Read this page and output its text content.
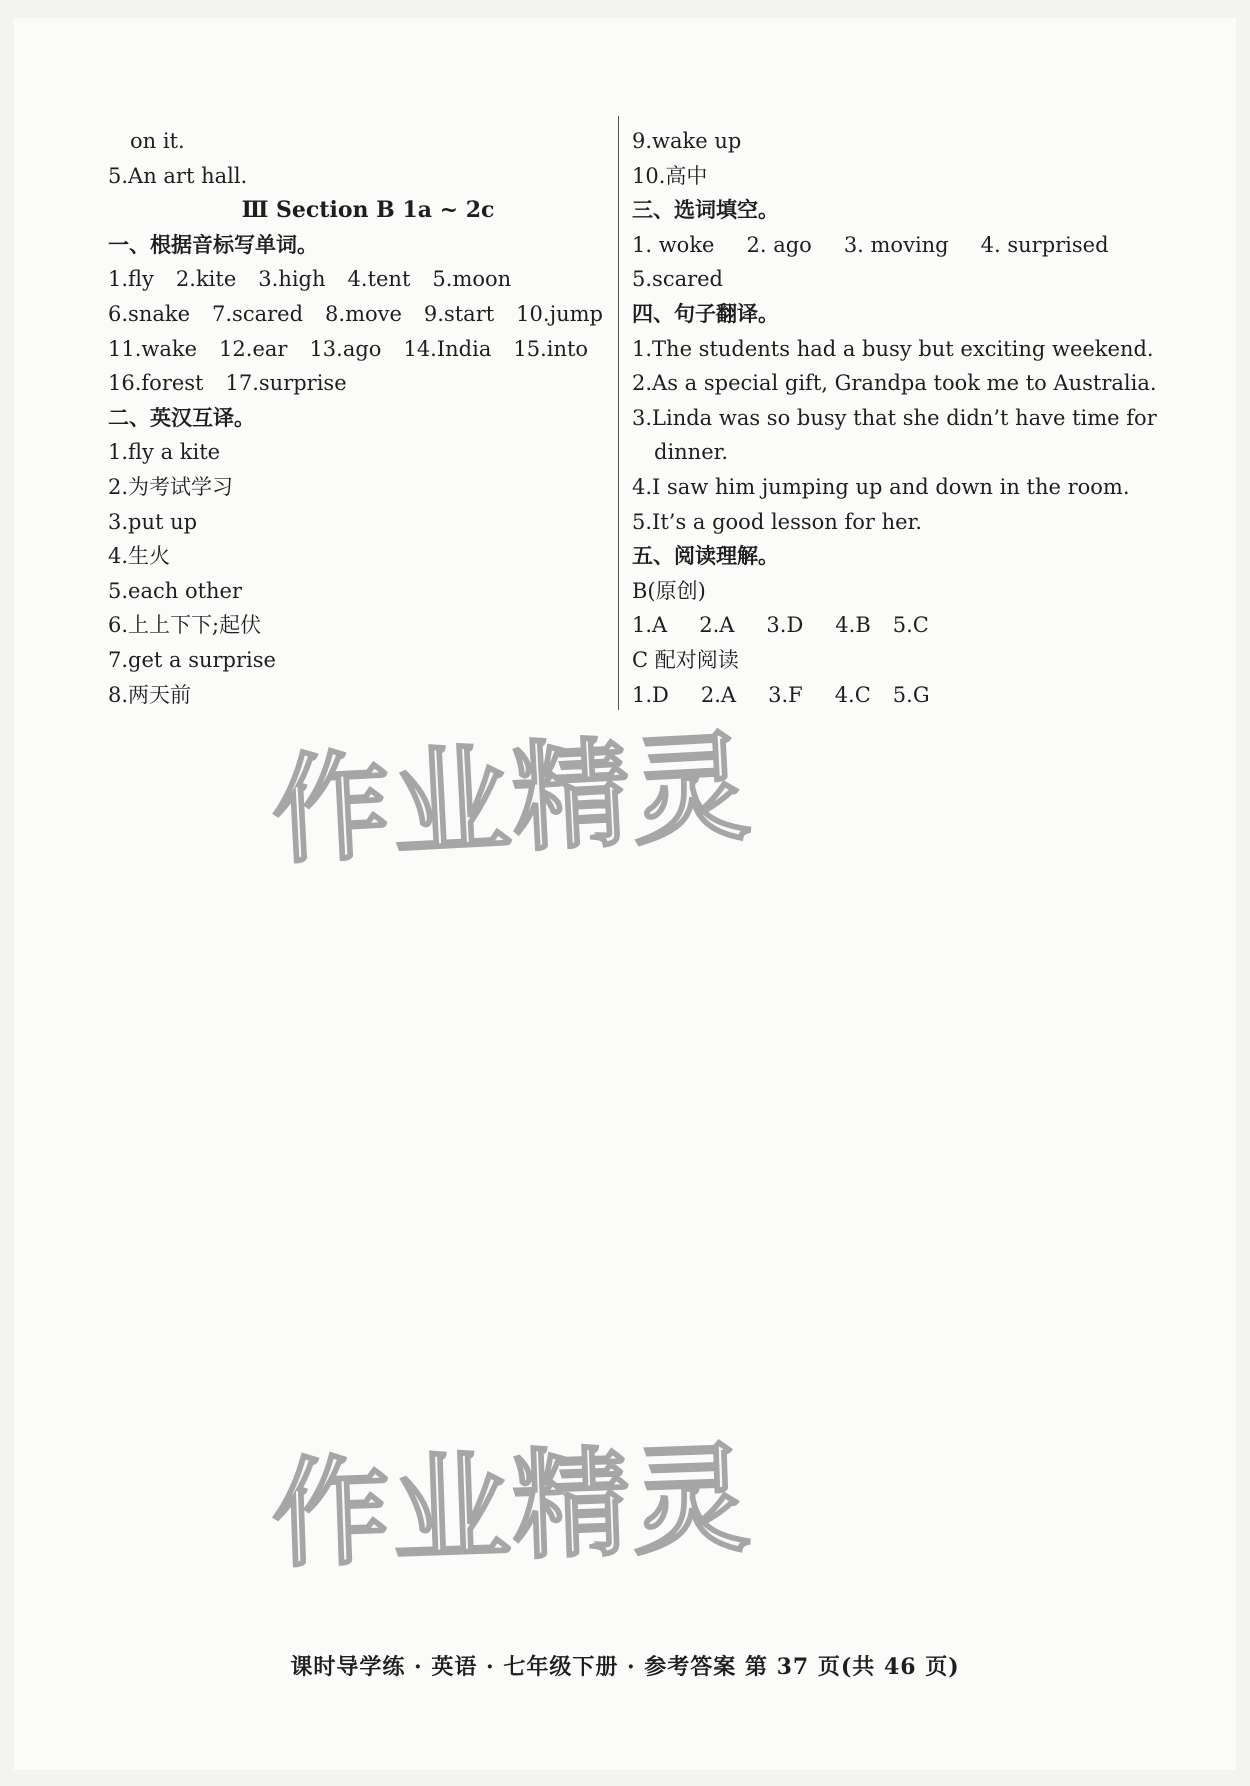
on it.
5.An art hall.
Ⅲ Section B 1a ~ 2c
一、根据音标写单词。
1.fly 2.kite 3.high 4.tent 5.moon
6.snake 7.scared 8.move 9.start 10.jump
11.wake 12.ear 13.ago 14.India 15.into
16.forest 17.surprise
二、英汉互译。
1.fly a kite
2.为考试学习
3.put up
4.生火
5.each other
6.上上下下;起伏
7.get a surprise
8.两天前
9.wake up
10.高中
三、选词填空。
1. woke 2. ago 3. moving 4. surprised
5.scared
四、句子翻译。
1.The students had a busy but exciting weekend.
2.As a special gift, Grandpa took me to Australia.
3.Linda was so busy that she didn’t have time for
dinner.
4.I saw him jumping up and down in the room.
5.It’s a good lesson for her.
五、阅读理解。
B(原创)
1.A 2.A 3.D 4.B 5.C
C 配对阅读
1.D 2.A 3.F 4.C 5.G
作业精灵
作业精灵
课时导学练 · 英语 · 七年级下册 · 参考答案 第 37 页(共 46 页)
